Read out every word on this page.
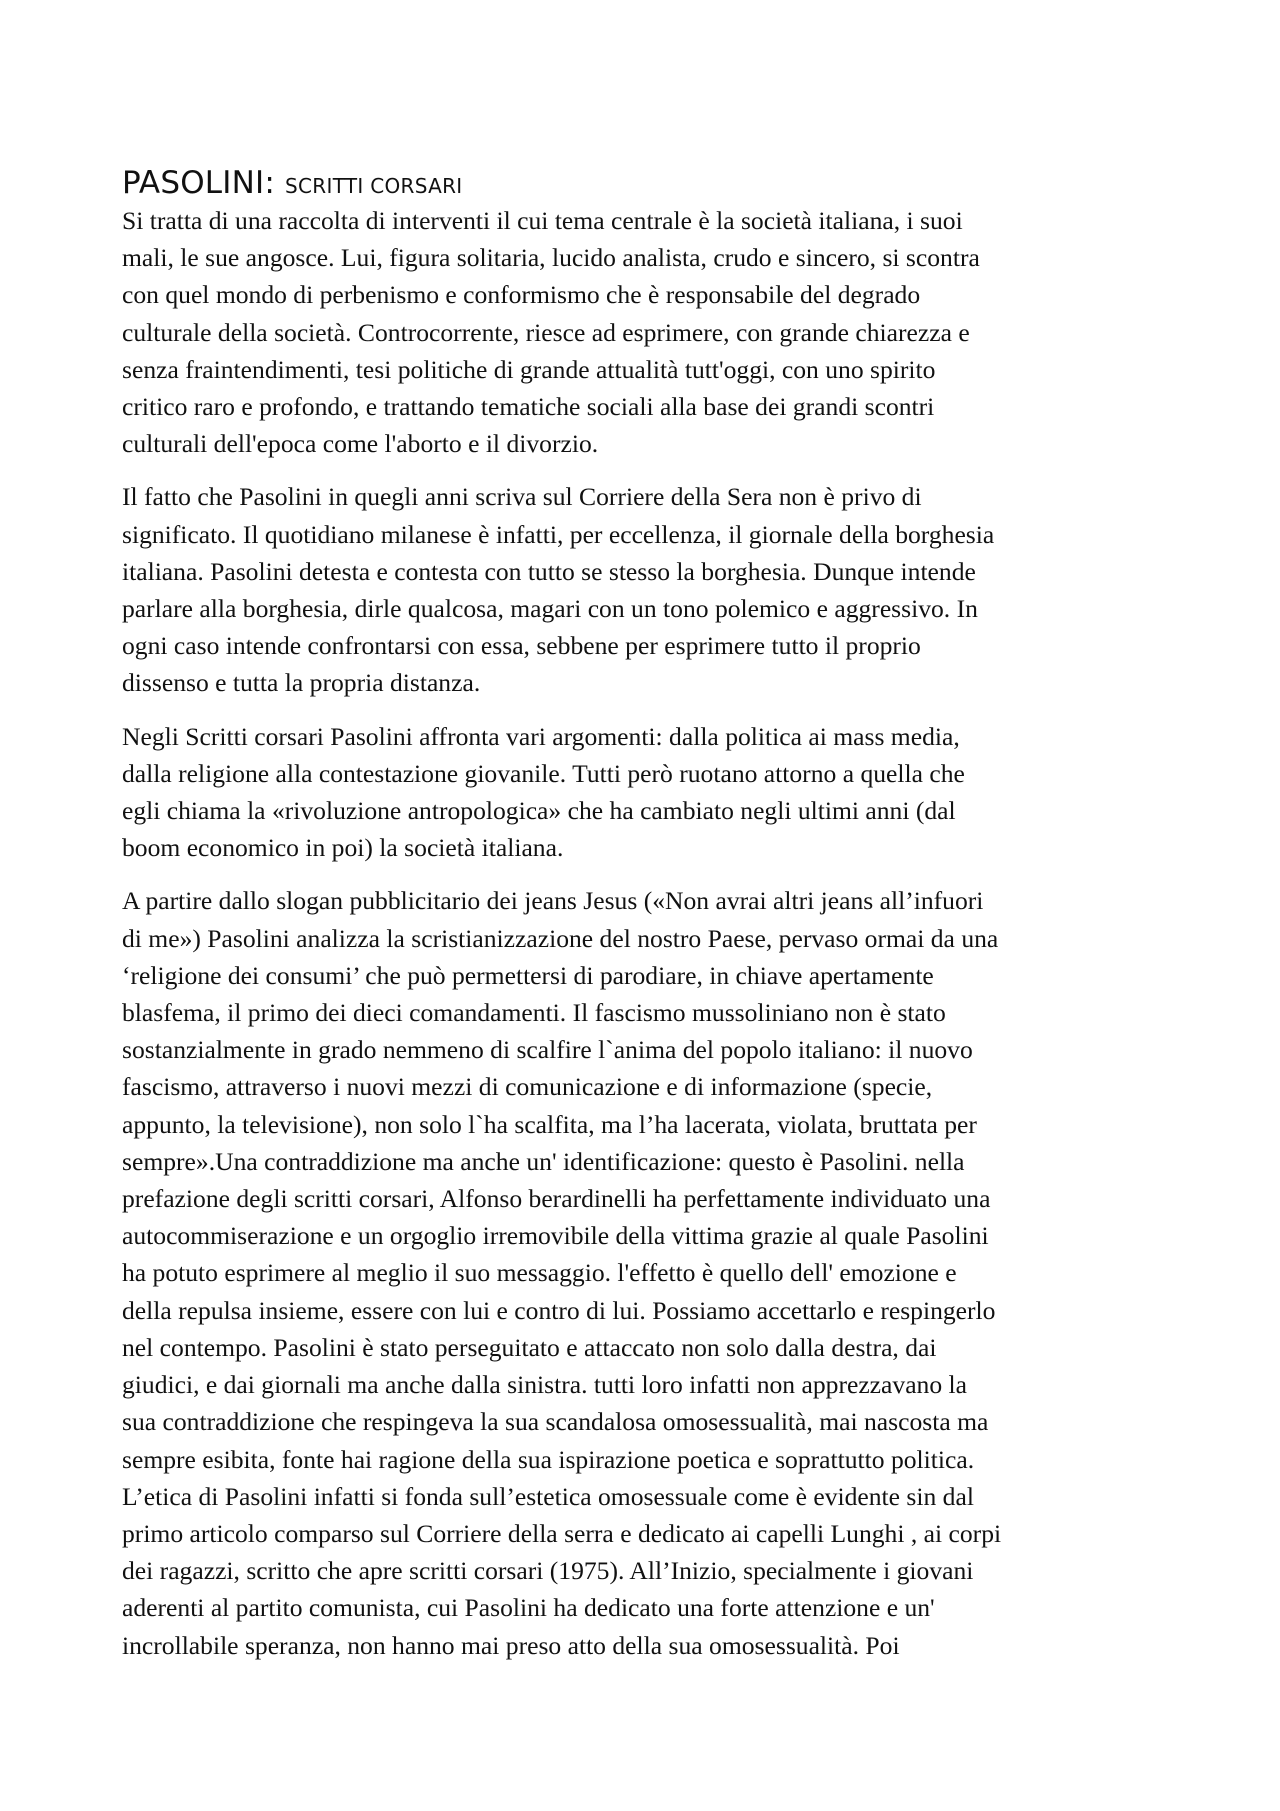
PASOLINI: SCRITTI CORSARI

Si tratta di una raccolta di interventi il cui tema centrale è la società italiana, i suoi
mali, le sue angosce. Lui, figura solitaria, lucido analista, crudo e sincero, si scontra
con quel mondo di perbenismo e conformismo che è responsabile del degrado
culturale della società. Controcorrente, riesce ad esprimere, con grande chiarezza e
senza fraintendimenti, tesi politiche di grande attualità tutt'oggi, con uno spirito
critico raro e profondo, e trattando tematiche sociali alla base dei grandi scontri
culturali dell'epoca come l'aborto e il divorzio.

Il fatto che Pasolini in quegli anni scriva sul Corriere della Sera non è privo di
significato. Il quotidiano milanese è infatti, per eccellenza, il giornale della borghesia
italiana. Pasolini detesta e contesta con tutto se stesso la borghesia. Dunque intende
parlare alla borghesia, dirle qualcosa, magari con un tono polemico e aggressivo. In
ogni caso intende confrontarsi con essa, sebbene per esprimere tutto il proprio
dissenso e tutta la propria distanza.

Negli Scritti corsari Pasolini affronta vari argomenti: dalla politica ai mass media,
dalla religione alla contestazione giovanile. Tutti però ruotano attorno a quella che
egli chiama la «rivoluzione antropologica» che ha cambiato negli ultimi anni (dal
boom economico in poi) la società italiana.

A partire dallo slogan pubblicitario dei jeans Jesus («Non avrai altri jeans all’infuori
di me») Pasolini analizza la scristianizzazione del nostro Paese, pervaso ormai da una
‘religione dei consumi’ che può permettersi di parodiare, in chiave apertamente
blasfema, il primo dei dieci comandamenti. Il fascismo mussoliniano non è stato
sostanzialmente in grado nemmeno di scalfire l`anima del popolo italiano: il nuovo
fascismo, attraverso i nuovi mezzi di comunicazione e di informazione (specie,
appunto, la televisione), non solo l`ha scalfita, ma l’ha lacerata, violata, bruttata per
sempre».Una contraddizione ma anche un' identificazione: questo è Pasolini. nella
prefazione degli scritti corsari, Alfonso berardinelli ha perfettamente individuato una
autocommiserazione e un orgoglio irremovibile della vittima grazie al quale Pasolini
ha potuto esprimere al meglio il suo messaggio. l'effetto è quello dell' emozione e
della repulsa insieme, essere con lui e contro di lui. Possiamo accettarlo e respingerlo
nel contempo. Pasolini è stato perseguitato e attaccato non solo dalla destra, dai
giudici, e dai giornali ma anche dalla sinistra. tutti loro infatti non apprezzavano la
sua contraddizione che respingeva la sua scandalosa omosessualità, mai nascosta ma
sempre esibita, fonte hai ragione della sua ispirazione poetica e soprattutto politica.
L’etica di Pasolini infatti si fonda sull’estetica omosessuale come è evidente sin dal
primo articolo comparso sul Corriere della serra e dedicato ai capelli Lunghi , ai corpi
dei ragazzi, scritto che apre scritti corsari (1975). All’Inizio, specialmente i giovani
aderenti al partito comunista, cui Pasolini ha dedicato una forte attenzione e un'
incrollabile speranza, non hanno mai preso atto della sua omosessualità. Poi
